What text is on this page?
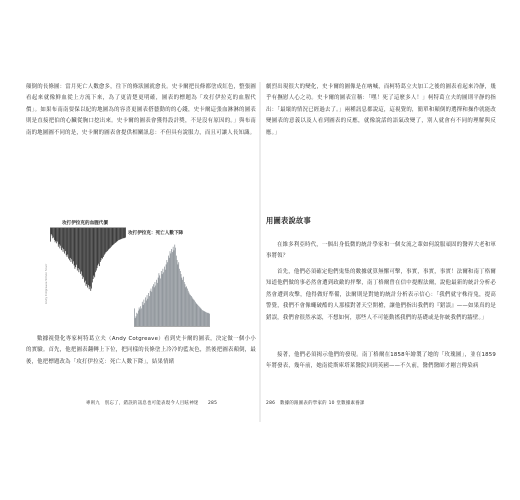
顛倒的長條圖：當月死亡人數愈多，往下的條狀圖就愈長。史卡爾把長條都塗成紅色，整張圖看起來就像鮮血從上方流下來，為了更清楚更明確，圖表的標題為「攻打伊拉克的血腥代價」。如果布南南要保以紀的地圖為的容喜更圖表搭藝動的的心錢，史卡爾這張血淋淋的圖表則是直接把伯的心臟從胸口挖出來。史卡爾的圖表會獲得設計獎，不是沒有原因的。」與布南南的地圖圖不同的是，史卡爾的圖表會提供相關訊息：不但具有說服力，而且可讓人長知識。

攻打伊拉克的血腥代價
攻打伊拉克：死亡人數下降
Andy Cotgreave Simon Scarr

數據視覺化專家柯特葛立夫（Andy Cotgreave）看到史卡爾的圖表，決定做一個小小的實驗。首先，他把圖表翻轉上下位，把同樣的長條塗上冷冷的藍灰色，然後把圖表顛倒，最後，他把標題改為「攻打伊拉克：死亡人數下降」，結果情緒

專則九　別忘了，錯誤的訊息也可能表現今人目眩神迷　　285

劇烈出現很大的變化，史卡爾的圖像是在吶喊，而柯特葛立夫加工之後的圖表看起來冷靜，幾乎有撫慰人心之功。史卡爾的圖表宣稱：「嘿！死了這麼多人！」柯特葛立夫的圖則平靜的指出：「最壞的情況已經過去了。」兩種訊息都說這，這視覺的，簡單和顛倒的選擇和操作就能改變圖表的意義以及人看到圖表的反應，就像說話的語氣改變了，別人就會有不同的理解與反應。」

用圖表說故事

在維多利亞時代，一個出身低微的統計學家和一個女流之輩如何說服頑固的醫界大老和軍事將領？

首先，他們必須確定他們鬼集的數據就算無懈可擊，事實，事實，事實！法爾和南丁格爾知道他們做的事必然會遭到政敵的抨擊，南丁格爾曾在信中提醒法爾，說他最新的統計分析必然會遭到攻擊，他得做好準備，法爾則是對她的統計分析表示信心：「我們就守株待兔，提高警覺，我們不會像蠅破酷的人那樣對著天空開槍，讓他們指出我們的『錯誤』——如果真的是錯誤，我們會很然承認，不想如何，那些人不可能動搖我們的基礎或是你統我們的牆壁。」

接著，他們必須揭示他們的發現。南丁格爾在1858年繪製了她的「玫瑰圖」，並在1859年將發表，幾年前，她南從斯庫塔萊醫院回到英國——不久前，醫們醫師才剛言傳染病

286　數據的跟圖表的學家的 10 堂數據素養課
